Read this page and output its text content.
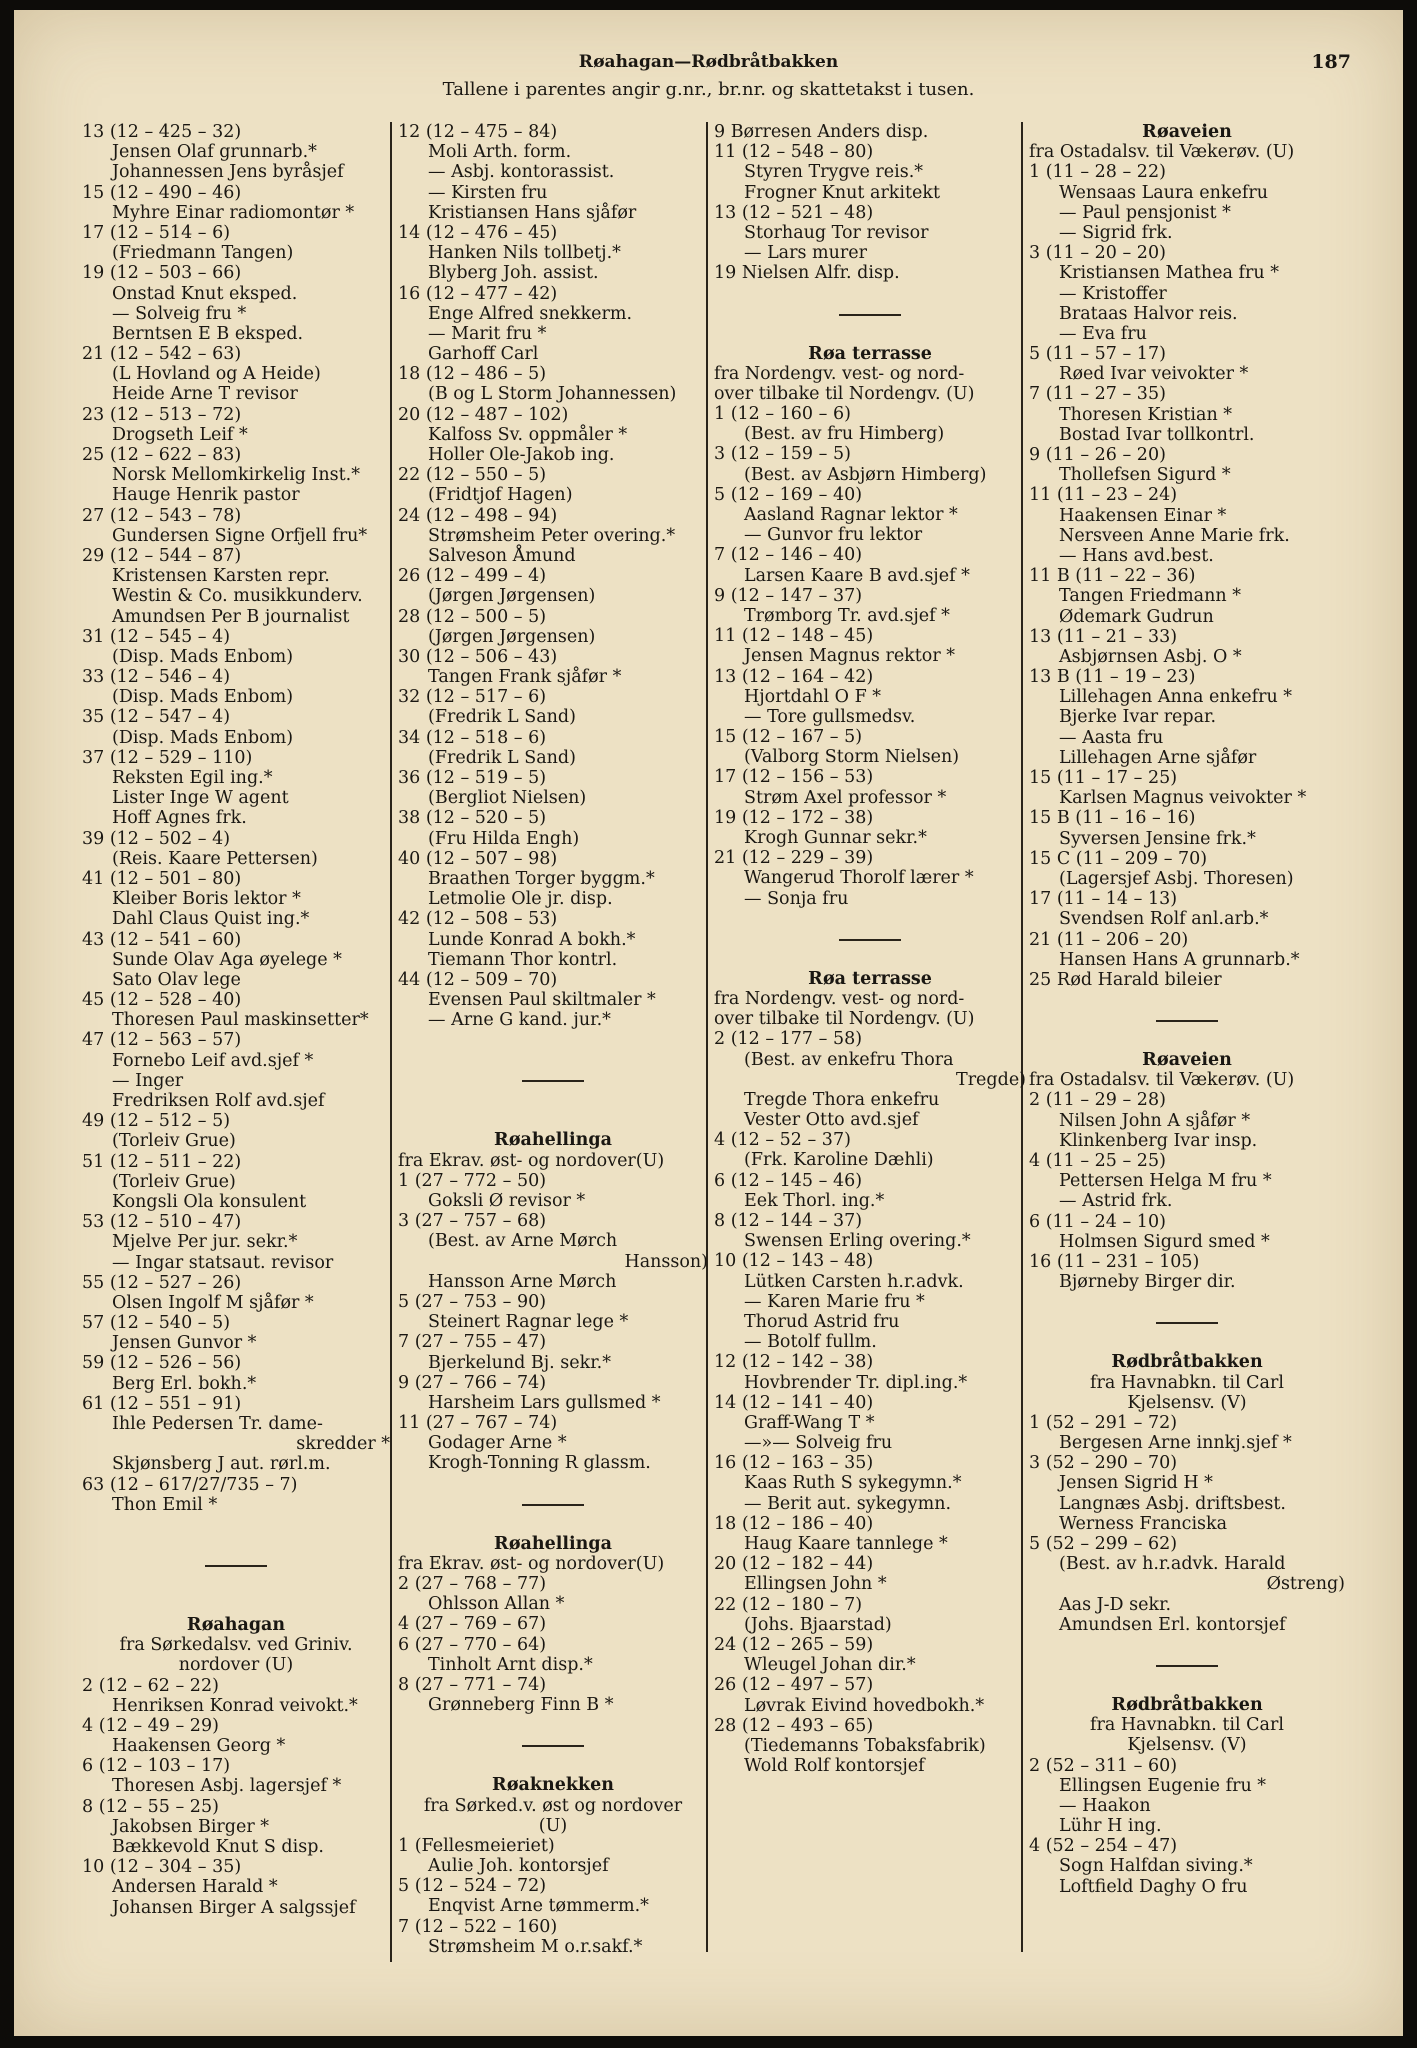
Røahagan—Rødbråtbakken
Tallene i parentes angir g.nr., br.nr. og skattetakst i tusen.
187
13 (12 – 425 – 32)
Jensen Olaf grunnarb.*
Johannessen Jens byråsjef
15 (12 – 490 – 46)
Myhre Einar radiomontør *
17 (12 – 514 – 6)
(Friedmann Tangen)
19 (12 – 503 – 66)
Onstad Knut eksped.
— Solveig fru *
Berntsen E B eksped.
21 (12 – 542 – 63)
(L Hovland og A Heide)
Heide Arne T revisor
23 (12 – 513 – 72)
Drogseth Leif *
25 (12 – 622 – 83)
Norsk Mellomkirkelig Inst.*
Hauge Henrik pastor
27 (12 – 543 – 78)
Gundersen Signe Orfjell fru*
29 (12 – 544 – 87)
Kristensen Karsten repr.
Westin & Co. musikkunderv.
Amundsen Per B journalist
31 (12 – 545 – 4)
(Disp. Mads Enbom)
33 (12 – 546 – 4)
(Disp. Mads Enbom)
35 (12 – 547 – 4)
(Disp. Mads Enbom)
37 (12 – 529 – 110)
Reksten Egil ing.*
Lister Inge W agent
Hoff Agnes frk.
39 (12 – 502 – 4)
(Reis. Kaare Pettersen)
41 (12 – 501 – 80)
Kleiber Boris lektor *
Dahl Claus Quist ing.*
43 (12 – 541 – 60)
Sunde Olav Aga øyelege *
Sato Olav lege
45 (12 – 528 – 40)
Thoresen Paul maskinsetter*
47 (12 – 563 – 57)
Fornebo Leif avd.sjef *
— Inger
Fredriksen Rolf avd.sjef
49 (12 – 512 – 5)
(Torleiv Grue)
51 (12 – 511 – 22)
(Torleiv Grue)
Kongsli Ola konsulent
53 (12 – 510 – 47)
Mjelve Per jur. sekr.*
— Ingar statsaut. revisor
55 (12 – 527 – 26)
Olsen Ingolf M sjåfør *
57 (12 – 540 – 5)
Jensen Gunvor *
59 (12 – 526 – 56)
Berg Erl. bokh.*
61 (12 – 551 – 91)
Ihle Pedersen Tr. dame-
skredder *
Skjønsberg J aut. rørl.m.
63 (12 – 617/27/735 – 7)
Thon Emil *
Røahagan
fra Sørkedalsv. ved Griniv.
nordover (U)
2 (12 – 62 – 22)
Henriksen Konrad veivokt.*
4 (12 – 49 – 29)
Haakensen Georg *
6 (12 – 103 – 17)
Thoresen Asbj. lagersjef *
8 (12 – 55 – 25)
Jakobsen Birger *
Bækkevold Knut S disp.
10 (12 – 304 – 35)
Andersen Harald *
Johansen Birger A salgssjef
12 (12 – 475 – 84)
Moli Arth. form.
— Asbj. kontorassist.
— Kirsten fru
Kristiansen Hans sjåfør
14 (12 – 476 – 45)
Hanken Nils tollbetj.*
Blyberg Joh. assist.
16 (12 – 477 – 42)
Enge Alfred snekkerm.
— Marit fru *
Garhoff Carl
18 (12 – 486 – 5)
(B og L Storm Johannessen)
20 (12 – 487 – 102)
Kalfoss Sv. oppmåler *
Holler Ole-Jakob ing.
22 (12 – 550 – 5)
(Fridtjof Hagen)
24 (12 – 498 – 94)
Strømsheim Peter overing.*
Salveson Åmund
26 (12 – 499 – 4)
(Jørgen Jørgensen)
28 (12 – 500 – 5)
(Jørgen Jørgensen)
30 (12 – 506 – 43)
Tangen Frank sjåfør *
32 (12 – 517 – 6)
(Fredrik L Sand)
34 (12 – 518 – 6)
(Fredrik L Sand)
36 (12 – 519 – 5)
(Bergliot Nielsen)
38 (12 – 520 – 5)
(Fru Hilda Engh)
40 (12 – 507 – 98)
Braathen Torger byggm.*
Letmolie Ole jr. disp.
42 (12 – 508 – 53)
Lunde Konrad A bokh.*
Tiemann Thor kontrl.
44 (12 – 509 – 70)
Evensen Paul skiltmaler *
— Arne G kand. jur.*
Røahellinga
fra Ekrav. øst- og nordover(U)
1 (27 – 772 – 50)
Goksli Ø revisor *
3 (27 – 757 – 68)
(Best. av Arne Mørch
Hansson)
Hansson Arne Mørch
5 (27 – 753 – 90)
Steinert Ragnar lege *
7 (27 – 755 – 47)
Bjerkelund Bj. sekr.*
9 (27 – 766 – 74)
Harsheim Lars gullsmed *
11 (27 – 767 – 74)
Godager Arne *
Krogh-Tonning R glassm.
Røahellinga
fra Ekrav. øst- og nordover(U)
2 (27 – 768 – 77)
Ohlsson Allan *
4 (27 – 769 – 67)
6 (27 – 770 – 64)
Tinholt Arnt disp.*
8 (27 – 771 – 74)
Grønneberg Finn B *
Røaknekken
fra Sørked.v. øst og nordover
(U)
1 (Fellesmeieriet)
Aulie Joh. kontorsjef
5 (12 – 524 – 72)
Enqvist Arne tømmerm.*
7 (12 – 522 – 160)
Strømsheim M o.r.sakf.*
9 Børresen Anders disp.
11 (12 – 548 – 80)
Styren Trygve reis.*
Frogner Knut arkitekt
13 (12 – 521 – 48)
Storhaug Tor revisor
— Lars murer
19 Nielsen Alfr. disp.
Røa terrasse
fra Nordengv. vest- og nord-
over tilbake til Nordengv. (U)
1 (12 – 160 – 6)
(Best. av fru Himberg)
3 (12 – 159 – 5)
(Best. av Asbjørn Himberg)
5 (12 – 169 – 40)
Aasland Ragnar lektor *
— Gunvor fru lektor
7 (12 – 146 – 40)
Larsen Kaare B avd.sjef *
9 (12 – 147 – 37)
Trømborg Tr. avd.sjef *
11 (12 – 148 – 45)
Jensen Magnus rektor *
13 (12 – 164 – 42)
Hjortdahl O F *
— Tore gullsmedsv.
15 (12 – 167 – 5)
(Valborg Storm Nielsen)
17 (12 – 156 – 53)
Strøm Axel professor *
19 (12 – 172 – 38)
Krogh Gunnar sekr.*
21 (12 – 229 – 39)
Wangerud Thorolf lærer *
— Sonja fru
Røa terrasse
fra Nordengv. vest- og nord-
over tilbake til Nordengv. (U)
2 (12 – 177 – 58)
(Best. av enkefru Thora
Tregde)
Tregde Thora enkefru
Vester Otto avd.sjef
4 (12 – 52 – 37)
(Frk. Karoline Dæhli)
6 (12 – 145 – 46)
Eek Thorl. ing.*
8 (12 – 144 – 37)
Swensen Erling overing.*
10 (12 – 143 – 48)
Lütken Carsten h.r.advk.
— Karen Marie fru *
Thorud Astrid fru
— Botolf fullm.
12 (12 – 142 – 38)
Hovbrender Tr. dipl.ing.*
14 (12 – 141 – 40)
Graff-Wang T *
—»— Solveig fru
16 (12 – 163 – 35)
Kaas Ruth S sykegymn.*
— Berit aut. sykegymn.
18 (12 – 186 – 40)
Haug Kaare tannlege *
20 (12 – 182 – 44)
Ellingsen John *
22 (12 – 180 – 7)
(Johs. Bjaarstad)
24 (12 – 265 – 59)
Wleugel Johan dir.*
26 (12 – 497 – 57)
Løvrak Eivind hovedbokh.*
28 (12 – 493 – 65)
(Tiedemanns Tobaksfabrik)
Wold Rolf kontorsjef
Røaveien
fra Ostadalsv. til Vækerøv. (U)
1 (11 – 28 – 22)
Wensaas Laura enkefru
— Paul pensjonist *
— Sigrid frk.
3 (11 – 20 – 20)
Kristiansen Mathea fru *
— Kristoffer
Brataas Halvor reis.
— Eva fru
5 (11 – 57 – 17)
Røed Ivar veivokter *
7 (11 – 27 – 35)
Thoresen Kristian *
Bostad Ivar tollkontrl.
9 (11 – 26 – 20)
Thollefsen Sigurd *
11 (11 – 23 – 24)
Haakensen Einar *
Nersveen Anne Marie frk.
— Hans avd.best.
11 B (11 – 22 – 36)
Tangen Friedmann *
Ødemark Gudrun
13 (11 – 21 – 33)
Asbjørnsen Asbj. O *
13 B (11 – 19 – 23)
Lillehagen Anna enkefru *
Bjerke Ivar repar.
— Aasta fru
Lillehagen Arne sjåfør
15 (11 – 17 – 25)
Karlsen Magnus veivokter *
15 B (11 – 16 – 16)
Syversen Jensine frk.*
15 C (11 – 209 – 70)
(Lagersjef Asbj. Thoresen)
17 (11 – 14 – 13)
Svendsen Rolf anl.arb.*
21 (11 – 206 – 20)
Hansen Hans A grunnarb.*
25 Rød Harald bileier
Røaveien
fra Ostadalsv. til Vækerøv. (U)
2 (11 – 29 – 28)
Nilsen John A sjåfør *
Klinkenberg Ivar insp.
4 (11 – 25 – 25)
Pettersen Helga M fru *
— Astrid frk.
6 (11 – 24 – 10)
Holmsen Sigurd smed *
16 (11 – 231 – 105)
Bjørneby Birger dir.
Rødbråtbakken
fra Havnabkn. til Carl
Kjelsensv. (V)
1 (52 – 291 – 72)
Bergesen Arne innkj.sjef *
3 (52 – 290 – 70)
Jensen Sigrid H *
Langnæs Asbj. driftsbest.
Werness Franciska
5 (52 – 299 – 62)
(Best. av h.r.advk. Harald
Østreng)
Aas J-D sekr.
Amundsen Erl. kontorsjef
Rødbråtbakken
fra Havnabkn. til Carl
Kjelsensv. (V)
2 (52 – 311 – 60)
Ellingsen Eugenie fru *
— Haakon
Lühr H ing.
4 (52 – 254 – 47)
Sogn Halfdan siving.*
Loftfield Daghy O fru
